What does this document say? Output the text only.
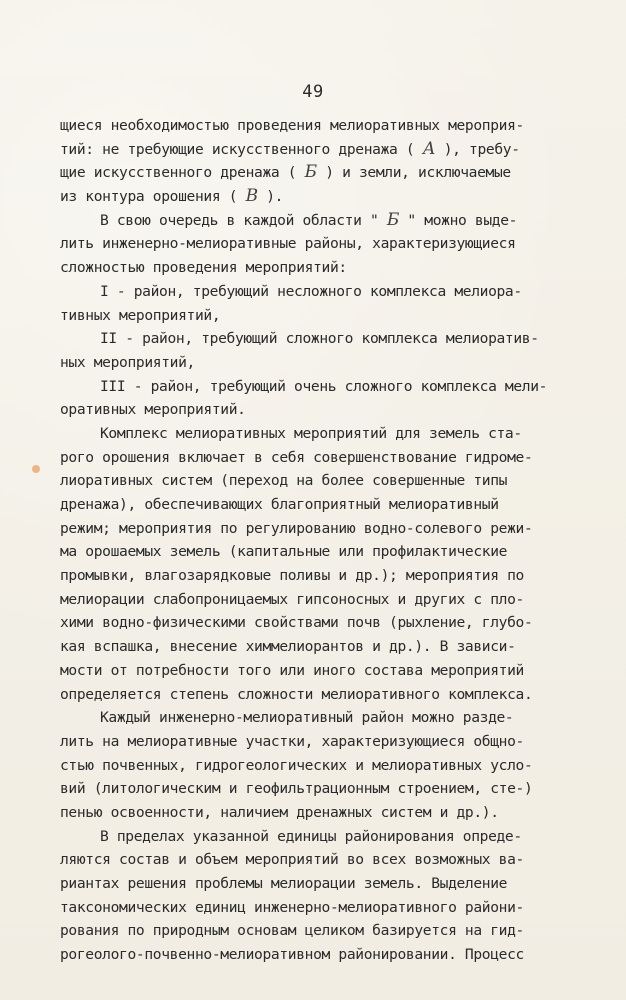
49
щиеся необходимостью проведения мелиоративных мероприя-
тий: не требующие искусственного дренажа ( А ), требу-
щие искусственного дренажа ( Б ) и земли, исключаемые
из контура орошения ( В ).
В свою очередь в каждой области " Б " можно выде-
лить инженерно-мелиоративные районы, характеризующиеся
сложностью проведения мероприятий:
I - район, требующий несложного комплекса мелиора-
тивных мероприятий,
II - район, требующий сложного комплекса мелиоратив-
ных мероприятий,
III - район, требующий очень сложного комплекса мели-
оративных мероприятий.
Комплекс мелиоративных мероприятий для земель ста-
рого орошения включает в себя совершенствование гидроме-
лиоративных систем (переход на более совершенные типы
дренажа), обеспечивающих благоприятный мелиоративный
режим; мероприятия по регулированию водно-солевого режи-
ма орошаемых земель (капитальные или профилактические
промывки, влагозарядковые поливы и др.); мероприятия по
мелиорации слабопроницаемых гипсоносных и других с пло-
хими водно-физическими свойствами почв (рыхление, глубо-
кая вспашка, внесение химмелиорантов и др.). В зависи-
мости от потребности того или иного состава мероприятий
определяется степень сложности мелиоративного комплекса.
Каждый инженерно-мелиоративный район можно разде-
лить на мелиоративные участки, характеризующиеся общно-
стью почвенных, гидрогеологических и мелиоративных усло-
вий (литологическим и геофильтрационным строением, сте-)
пенью освоенности, наличием дренажных систем и др.).
В пределах указанной единицы районирования опреде-
ляются состав и объем мероприятий во всех возможных ва-
риантах решения проблемы мелиорации земель. Выделение
таксономических единиц инженерно-мелиоративного райони-
рования по природным основам целиком базируется на гид-
рогеолого-почвенно-мелиоративном районировании. Процесс
